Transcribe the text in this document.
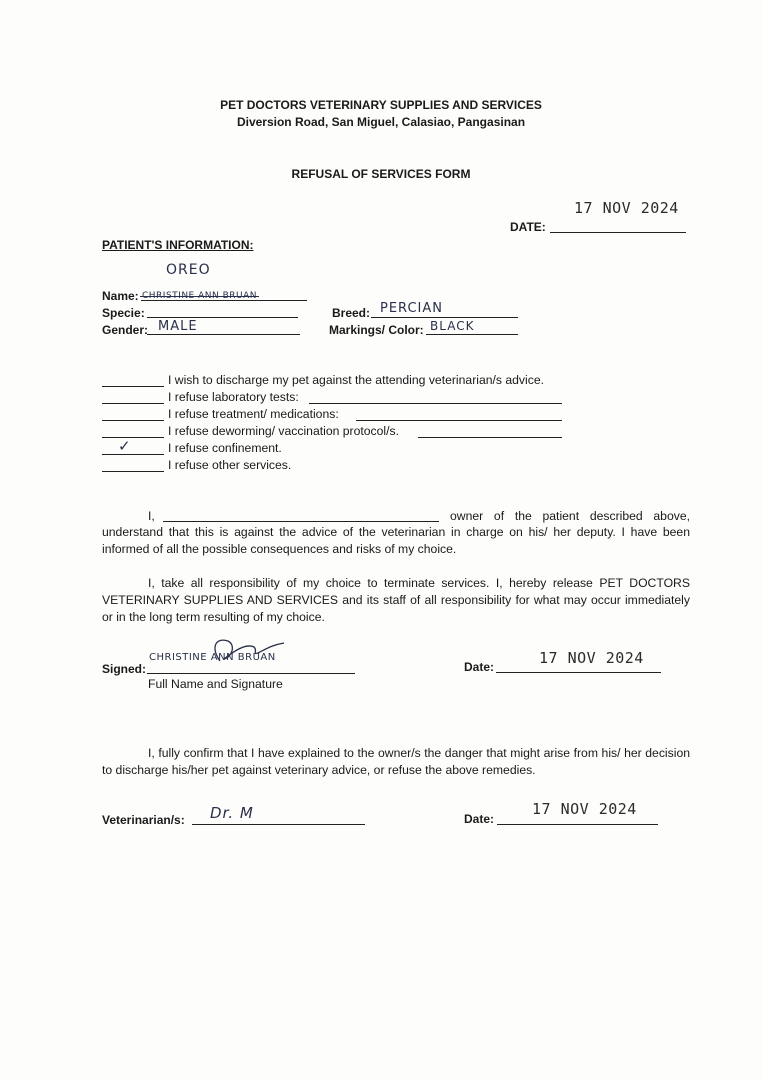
PET DOCTORS VETERINARY SUPPLIES AND SERVICES
Diversion Road, San Miguel, Calasiao, Pangasinan
REFUSAL OF SERVICES FORM
17 NOV 2024
DATE:
PATIENT'S INFORMATION:
OREO
Name: CHRISTINE ANN BRUAN
Specie:
Gender: MALE
Breed: PERCIAN
Markings/ Color: BLACK
I wish to discharge my pet against the attending veterinarian/s advice.
I refuse laboratory tests:
I refuse treatment/ medications:
I refuse deworming/ vaccination protocol/s.
✓	I refuse confinement.
I refuse other services.
I,	owner of the patient described above,
understand that this is against the advice of the veterinarian in charge on his/ her deputy. I have been informed of all the possible consequences and risks of my choice.
I, take all responsibility of my choice to terminate services. I, hereby release PET DOCTORS VETERINARY SUPPLIES AND SERVICES and its staff of all responsibility for what may occur immediately or in the long term resulting of my choice.
Signed:
CHRISTINE ANN BRUAN
Full Name and Signature
Date:	17 NOV 2024
I, fully confirm that I have explained to the owner/s the danger that might arise from his/ her decision to discharge his/her pet against veterinary advice, or refuse the above remedies.
Veterinarian/s: Dr. M	Date:
17 NOV 2024
